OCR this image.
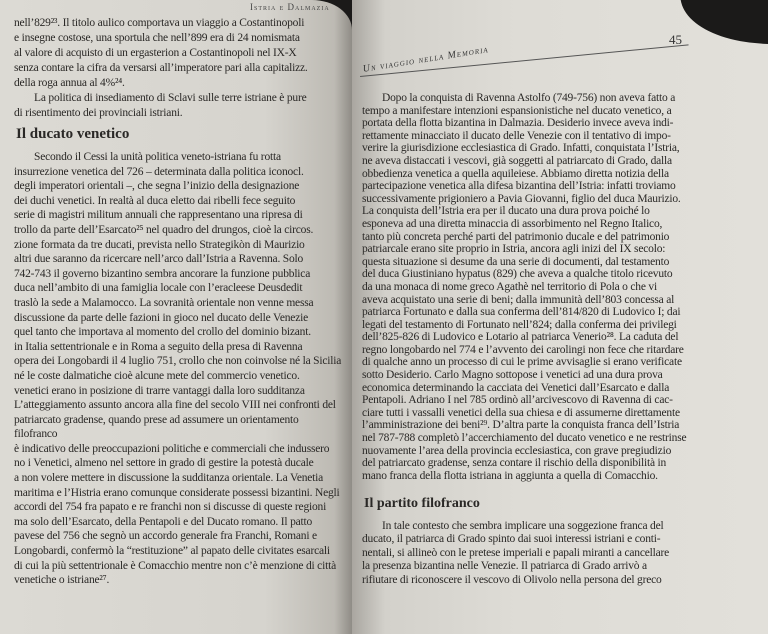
Istria e Dalmazia
nell’829²³. Il titolo aulico comportava un viaggio a Costantinopoli
e insegne costose, una sportula che nell’899 era di 24 nomismata
al valore di acquisto di un ergasterion a Costantinopoli nel IX-X
senza contare la cifra da versarsi all’imperatore pari alla capitalizz.
della roga annua al 4%²⁴.
La politica di insediamento di Sclavi sulle terre istriane è pure
di risentimento dei provinciali istriani.
Il ducato venetico
Secondo il Cessi la unità politica veneto-istriana fu rotta
insurrezione venetica del 726 – determinata dalla politica iconocl.
degli imperatori orientali –, che segna l’inizio della designazione
dei duchi venetici. In realtà al duca eletto dai ribelli fece seguito
serie di magistri militum annuali che rappresentano una ripresa di
trollo da parte dell’Esarcato²⁵ nel quadro del drungos, cioè la circos.
zione formata da tre ducati, prevista nello Strategikòn di Maurizio
altri due saranno da ricercare nell’arco dall’Istria a Ravenna. Solo
742-743 il governo bizantino sembra ancorare la funzione pubblica
duca nell’ambito di una famiglia locale con l’eracleese Deusdedit
traslò la sede a Malamocco. La sovranità orientale non venne messa
discussione da parte delle fazioni in gioco nel ducato delle Venezie
quel tanto che importava al momento del crollo del dominio bizant.
in Italia settentrionale e in Roma a seguito della presa di Ravenna
opera dei Longobardi il 4 luglio 751, crollo che non coinvolse né la Sicilia
né le coste dalmatiche cioè alcune mete del commercio venetico.
venetici erano in posizione di trarre vantaggi dalla loro sudditanza
L’atteggiamento assunto ancora alla fine del secolo VIII nei confronti del
patriarcato gradense, quando prese ad assumere un orientamento filofranco
è indicativo delle preoccupazioni politiche e commerciali che indussero
no i Venetici, almeno nel settore in grado di gestire la potestà ducale
a non volere mettere in discussione la sudditanza orientale. La Venetia
maritima e l’Histria erano comunque considerate possessi bizantini. Negli
accordi del 754 fra papato e re franchi non si discusse di queste regioni
ma solo dell’Esarcato, della Pentapoli e del Ducato romano. Il patto
pavese del 756 che segnò un accordo generale fra Franchi, Romani e
Longobardi, confermò la “restituzione” al papato delle civitates esarcali
di cui la più settentrionale è Comacchio mentre non c’è menzione di città
venetiche o istriane²⁷.
45
Un viaggio nella Memoria
Dopo la conquista di Ravenna Astolfo (749-756) non aveva fatto a
tempo a manifestare intenzioni espansionistiche nel ducato venetico, a
portata della flotta bizantina in Dalmazia. Desiderio invece aveva indi-
rettamente minacciato il ducato delle Venezie con il tentativo di impo-
verire la giurisdizione ecclesiastica di Grado. Infatti, conquistata l’Istria,
ne aveva distaccati i vescovi, già soggetti al patriarcato di Grado, dalla
obbedienza venetica a quella aquileiese. Abbiamo diretta notizia della
partecipazione venetica alla difesa bizantina dell’Istria: infatti troviamo
successivamente prigioniero a Pavia Giovanni, figlio del duca Maurizio.
La conquista dell’Istria era per il ducato una dura prova poiché lo
esponeva ad una diretta minaccia di assorbimento nel Regno Italico,
tanto più concreta perché parti del patrimonio ducale e del patrimonio
patriarcale erano site proprio in Istria, ancora agli inizi del IX secolo:
questa situazione si desume da una serie di documenti, dal testamento
del duca Giustiniano hypatus (829) che aveva a qualche titolo ricevuto
da una monaca di nome greco Agathè nel territorio di Pola o che vi
aveva acquistato una serie di beni; dalla immunità dell’803 concessa al
patriarca Fortunato e dalla sua conferma dell’814/820 di Ludovico I; dai
legati del testamento di Fortunato nell’824; dalla conferma dei privilegi
dell’825-826 di Ludovico e Lotario al patriarca Venerio²⁸. La caduta del
regno longobardo nel 774 e l’avvento dei carolingi non fece che ritardare
di qualche anno un processo di cui le prime avvisaglie si erano verificate
sotto Desiderio. Carlo Magno sottopose i venetici ad una dura prova
economica determinando la cacciata dei Venetici dall’Esarcato e dalla
Pentapoli. Adriano I nel 785 ordinò all’arcivescovo di Ravenna di cac-
ciare tutti i vassalli venetici della sua chiesa e di assumerne direttamente
l’amministrazione dei beni²⁹. D’altra parte la conquista franca dell’Istria
nel 787-788 completò l’accerchiamento del ducato venetico e ne restrinse
nuovamente l’area della provincia ecclesiastica, con grave pregiudizio
del patriarcato gradense, senza contare il rischio della disponibilità in
mano franca della flotta istriana in aggiunta a quella di Comacchio.
Il partito filofranco
In tale contesto che sembra implicare una soggezione franca del
ducato, il patriarca di Grado spinto dai suoi interessi istriani e conti-
nentali, si allineò con le pretese imperiali e papali miranti a cancellare
la presenza bizantina nelle Venezie. Il patriarca di Grado arrivò a
rifiutare di riconoscere il vescovo di Olivolo nella persona del greco
